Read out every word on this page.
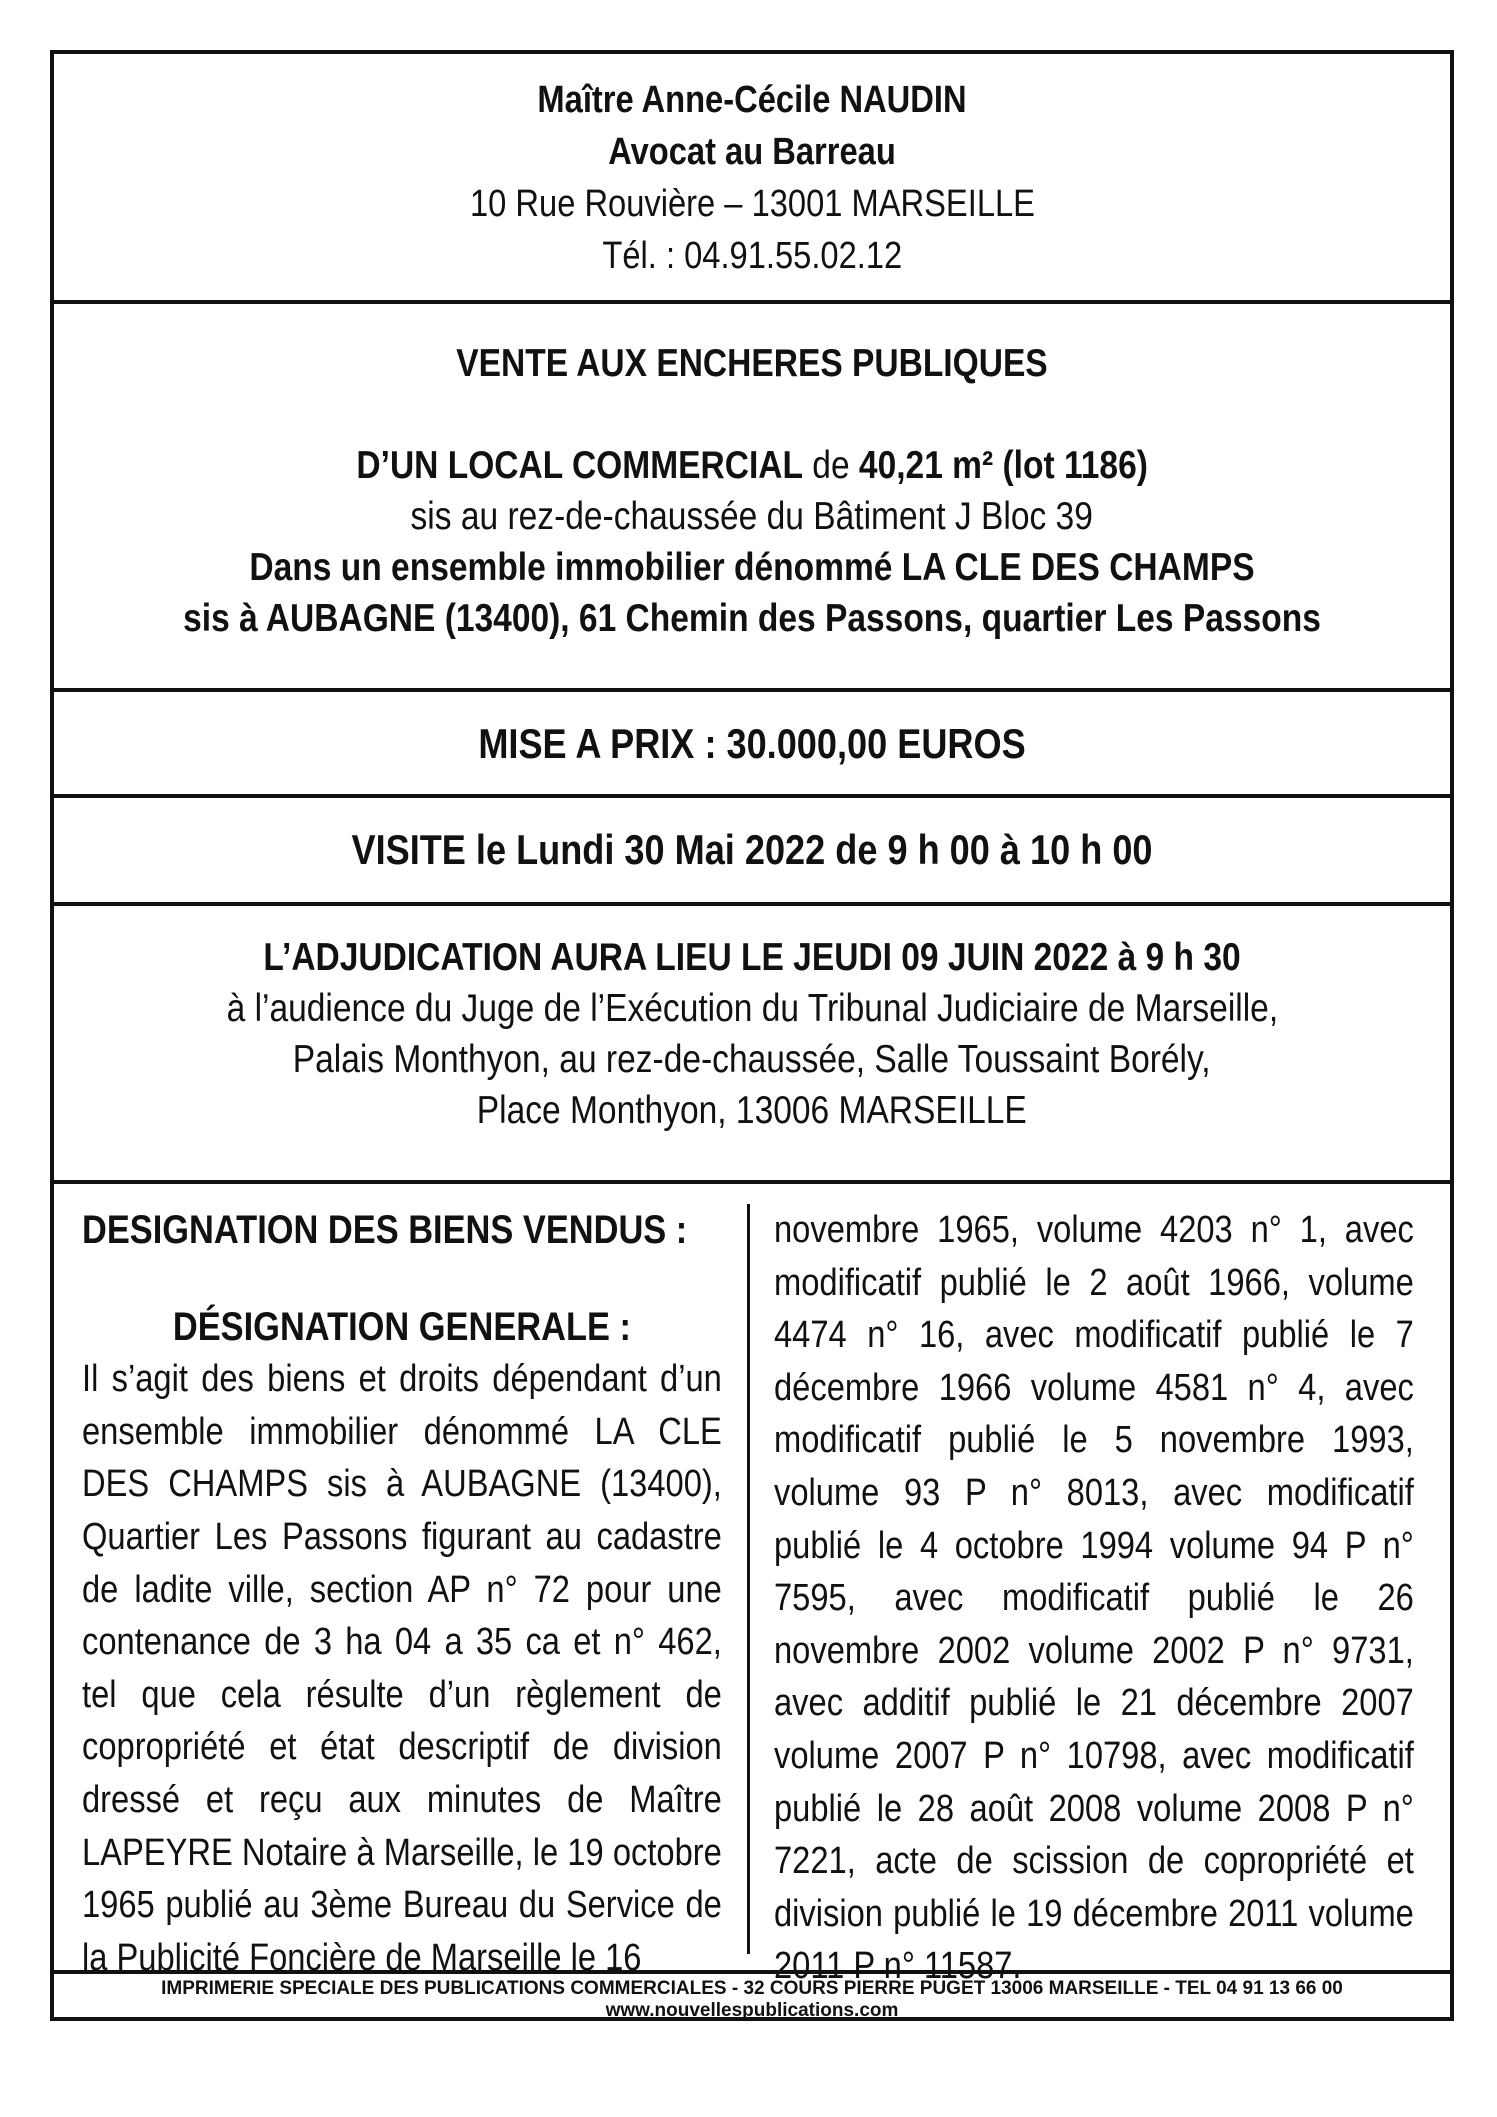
Maître Anne-Cécile NAUDIN
Avocat au Barreau
10 Rue Rouvière – 13001 MARSEILLE
Tél. : 04.91.55.02.12
VENTE AUX ENCHERES PUBLIQUES
D’UN LOCAL COMMERCIAL de 40,21 m² (lot 1186)
sis au rez-de-chaussée du Bâtiment J Bloc 39
Dans un ensemble immobilier dénommé LA CLE DES CHAMPS
sis à AUBAGNE (13400), 61 Chemin des Passons, quartier Les Passons
MISE A PRIX : 30.000,00 EUROS
VISITE le Lundi 30 Mai 2022 de 9 h 00 à 10 h 00
L’ADJUDICATION AURA LIEU LE JEUDI 09 JUIN 2022 à 9 h 30
à l’audience du Juge de l’Exécution du Tribunal Judiciaire de Marseille,
Palais Monthyon, au rez-de-chaussée, Salle Toussaint Borély,
Place Monthyon, 13006 MARSEILLE
DESIGNATION DES BIENS VENDUS :
DÉSIGNATION GENERALE :
Il s’agit des biens et droits dépendant d’un ensemble immobilier dénommé LA CLE DES CHAMPS sis à AUBAGNE (13400), Quartier Les Passons figurant au cadastre de ladite ville, section AP n° 72 pour une contenance de 3 ha 04 a 35 ca et n° 462, tel que cela résulte d’un règlement de copropriété et état descriptif de division dressé et reçu aux minutes de Maître LAPEYRE Notaire à Marseille, le 19 octobre 1965 publié au 3ème Bureau du Service de la Publicité Foncière de Marseille le 16
novembre 1965, volume 4203 n° 1, avec modificatif publié le 2 août 1966, volume 4474 n° 16, avec modificatif publié le 7 décembre 1966 volume 4581 n° 4, avec modificatif publié le 5 novembre 1993, volume 93 P n° 8013, avec modificatif publié le 4 octobre 1994 volume 94 P n° 7595, avec modificatif publié le 26 novembre 2002 volume 2002 P n° 9731, avec additif publié le 21 décembre 2007 volume 2007 P n° 10798, avec modificatif publié le 28 août 2008 volume 2008 P n° 7221, acte de scission de copropriété et division publié le 19 décembre 2011 volume 2011 P n° 11587.
IMPRIMERIE SPECIALE DES PUBLICATIONS COMMERCIALES - 32 COURS PIERRE PUGET 13006 MARSEILLE - TEL 04 91 13 66 00
www.nouvellespublications.com
